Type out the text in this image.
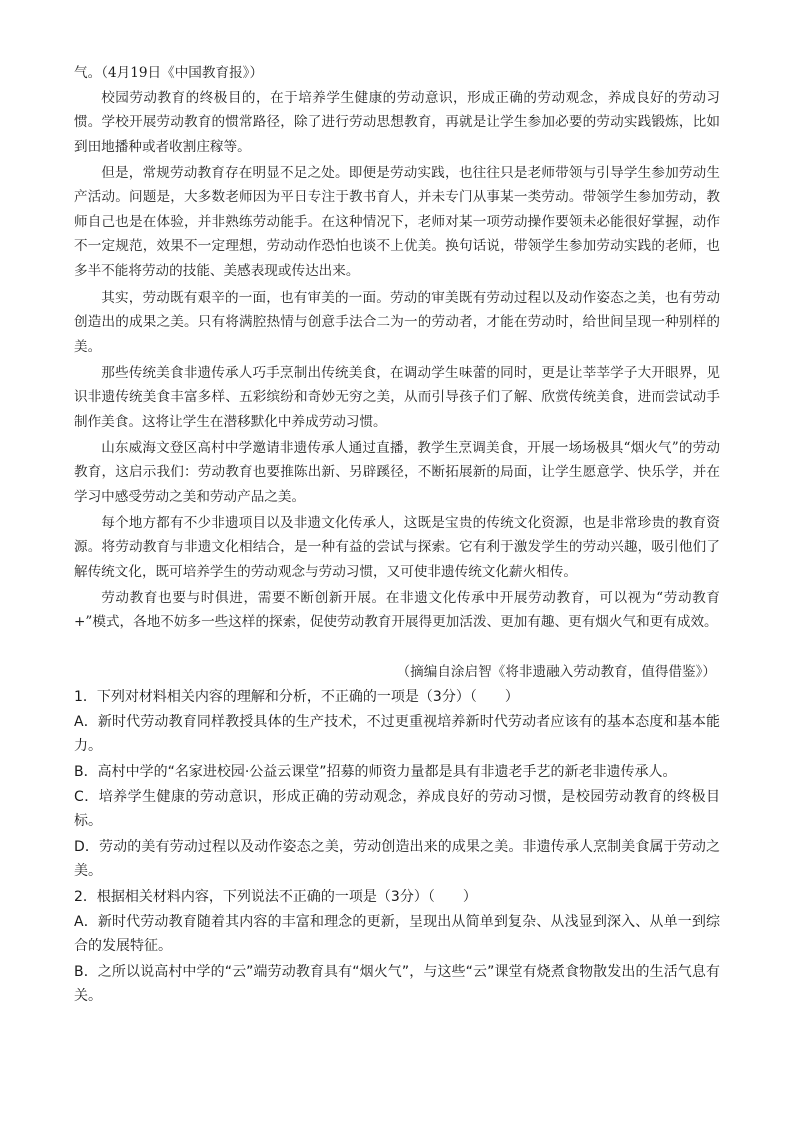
气。（4月19日《中国教育报》）

校园劳动教育的终极目的，在于培养学生健康的劳动意识，形成正确的劳动观念，养成良好的劳动习惯。学校开展劳动教育的惯常路径，除了进行劳动思想教育，再就是让学生参加必要的劳动实践锻炼，比如到田地播种或者收割庄稼等。

但是，常规劳动教育存在明显不足之处。即便是劳动实践，也往往只是老师带领与引导学生参加劳动生产活动。问题是，大多数老师因为平日专注于教书育人，并未专门从事某一类劳动。带领学生参加劳动，教师自己也是在体验，并非熟练劳动能手。在这种情况下，老师对某一项劳动操作要领未必能很好掌握，动作不一定规范，效果不一定理想，劳动动作恐怕也谈不上优美。换句话说，带领学生参加劳动实践的老师，也多半不能将劳动的技能、美感表现或传达出来。

其实，劳动既有艰辛的一面，也有审美的一面。劳动的审美既有劳动过程以及动作姿态之美，也有劳动创造出的成果之美。只有将满腔热情与创意手法合二为一的劳动者，才能在劳动时，给世间呈现一种别样的美。

那些传统美食非遗传承人巧手烹制出传统美食，在调动学生味蕾的同时，更是让莘莘学子大开眼界，见识非遗传统美食丰富多样、五彩缤纷和奇妙无穷之美，从而引导孩子们了解、欣赏传统美食，进而尝试动手制作美食。这将让学生在潜移默化中养成劳动习惯。

山东威海文登区高村中学邀请非遗传承人通过直播，教学生烹调美食，开展一场场极具“烟火气”的劳动教育，这启示我们：劳动教育也要推陈出新、另辟蹊径，不断拓展新的局面，让学生愿意学、快乐学，并在学习中感受劳动之美和劳动产品之美。

每个地方都有不少非遗项目以及非遗文化传承人，这既是宝贵的传统文化资源，也是非常珍贵的教育资源。将劳动教育与非遗文化相结合，是一种有益的尝试与探索。它有利于激发学生的劳动兴趣，吸引他们了解传统文化，既可培养学生的劳动观念与劳动习惯，又可使非遗传统文化薪火相传。

劳动教育也要与时俱进，需要不断创新开展。在非遗文化传承中开展劳动教育，可以视为“劳动教育+”模式，各地不妨多一些这样的探索，促使劳动教育开展得更加活泼、更加有趣、更有烟火气和更有成效。

（摘编自涂启智《将非遗融入劳动教育，值得借鉴》）

1．下列对材料相关内容的理解和分析，不正确的一项是（3分）（　　）

A．新时代劳动教育同样教授具体的生产技术，不过更重视培养新时代劳动者应该有的基本态度和基本能力。

B．高村中学的“名家进校园·公益云课堂”招募的师资力量都是具有非遗老手艺的新老非遗传承人。

C．培养学生健康的劳动意识，形成正确的劳动观念，养成良好的劳动习惯，是校园劳动教育的终极目标。

D．劳动的美有劳动过程以及动作姿态之美，劳动创造出来的成果之美。非遗传承人烹制美食属于劳动之美。

2．根据相关材料内容，下列说法不正确的一项是（3分）（　　）

A．新时代劳动教育随着其内容的丰富和理念的更新，呈现出从简单到复杂、从浅显到深入、从单一到综合的发展特征。

B．之所以说高村中学的“云”端劳动教育具有“烟火气”，与这些“云”课堂有烧煮食物散发出的生活气息有关。
